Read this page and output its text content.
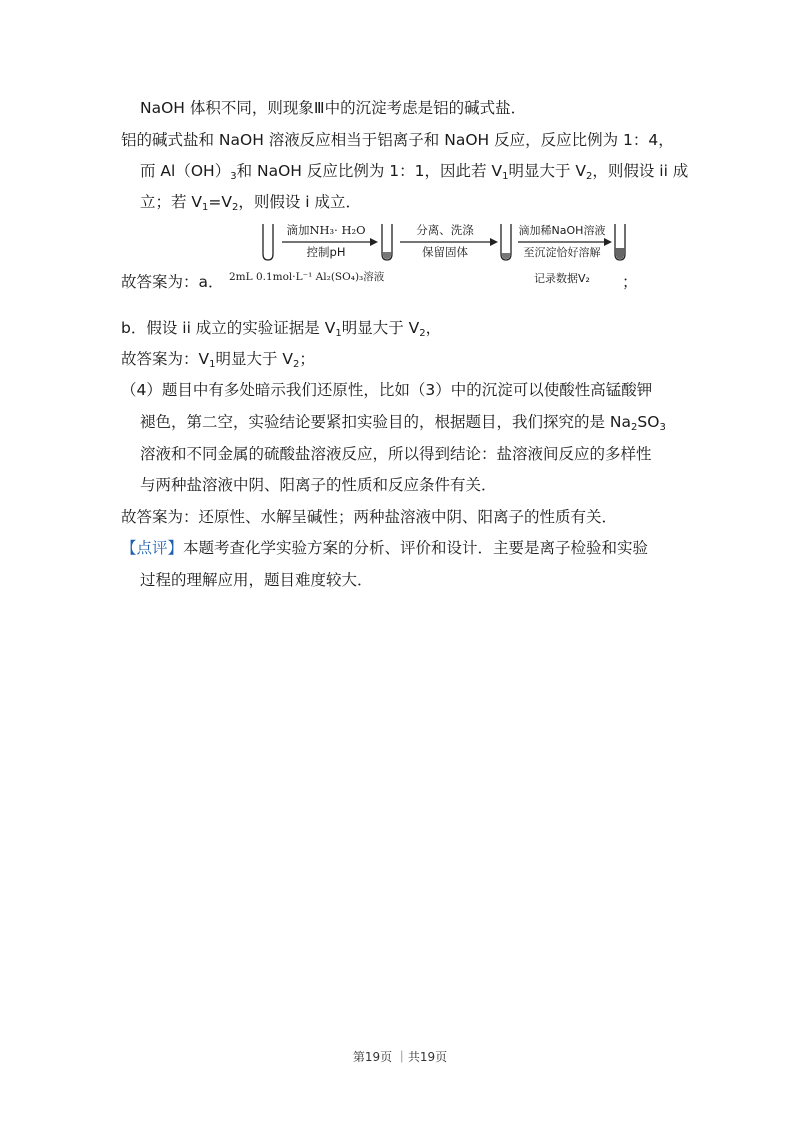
NaOH 体积不同，则现象Ⅲ中的沉淀考虑是铝的碱式盐．
铝的碱式盐和 NaOH 溶液反应相当于铝离子和 NaOH 反应，反应比例为 1：4，
而 $Al(OH)_3$和 NaOH 反应比例为 1：1，因此若 $V_1$明显大于 $V_2$，则假设 ii 成
立；若 $V_1=V_2$，则假设 i 成立．
故答案为：a．
滴加NH₃· H₂O
控制pH
分离、洗涤
保留固体
滴加稀NaOH溶液
至沉淀恰好溶解
记录数据V₂
2mL 0.1mol·L⁻¹ Al₂(SO₄)₃溶液	；
b．假设 ii 成立的实验证据是 $V_1$明显大于 $V_2$，
故答案为：$V_1$明显大于 $V_2$；
（4）题目中有多处暗示我们还原性，比如（3）中的沉淀可以使酸性高锰酸钾
褪色，第二空，实验结论要紧扣实验目的，根据题目，我们探究的是 $Na_2SO_3$
溶液和不同金属的硫酸盐溶液反应，所以得到结论：盐溶液间反应的多样性
与两种盐溶液中阴、阳离子的性质和反应条件有关．
故答案为：还原性、水解呈碱性；两种盐溶液中阴、阳离子的性质有关．
【点评】本题考查化学实验方案的分析、评价和设计．主要是离子检验和实验
过程的理解应用，题目难度较大．
第19页 ｜共19页
